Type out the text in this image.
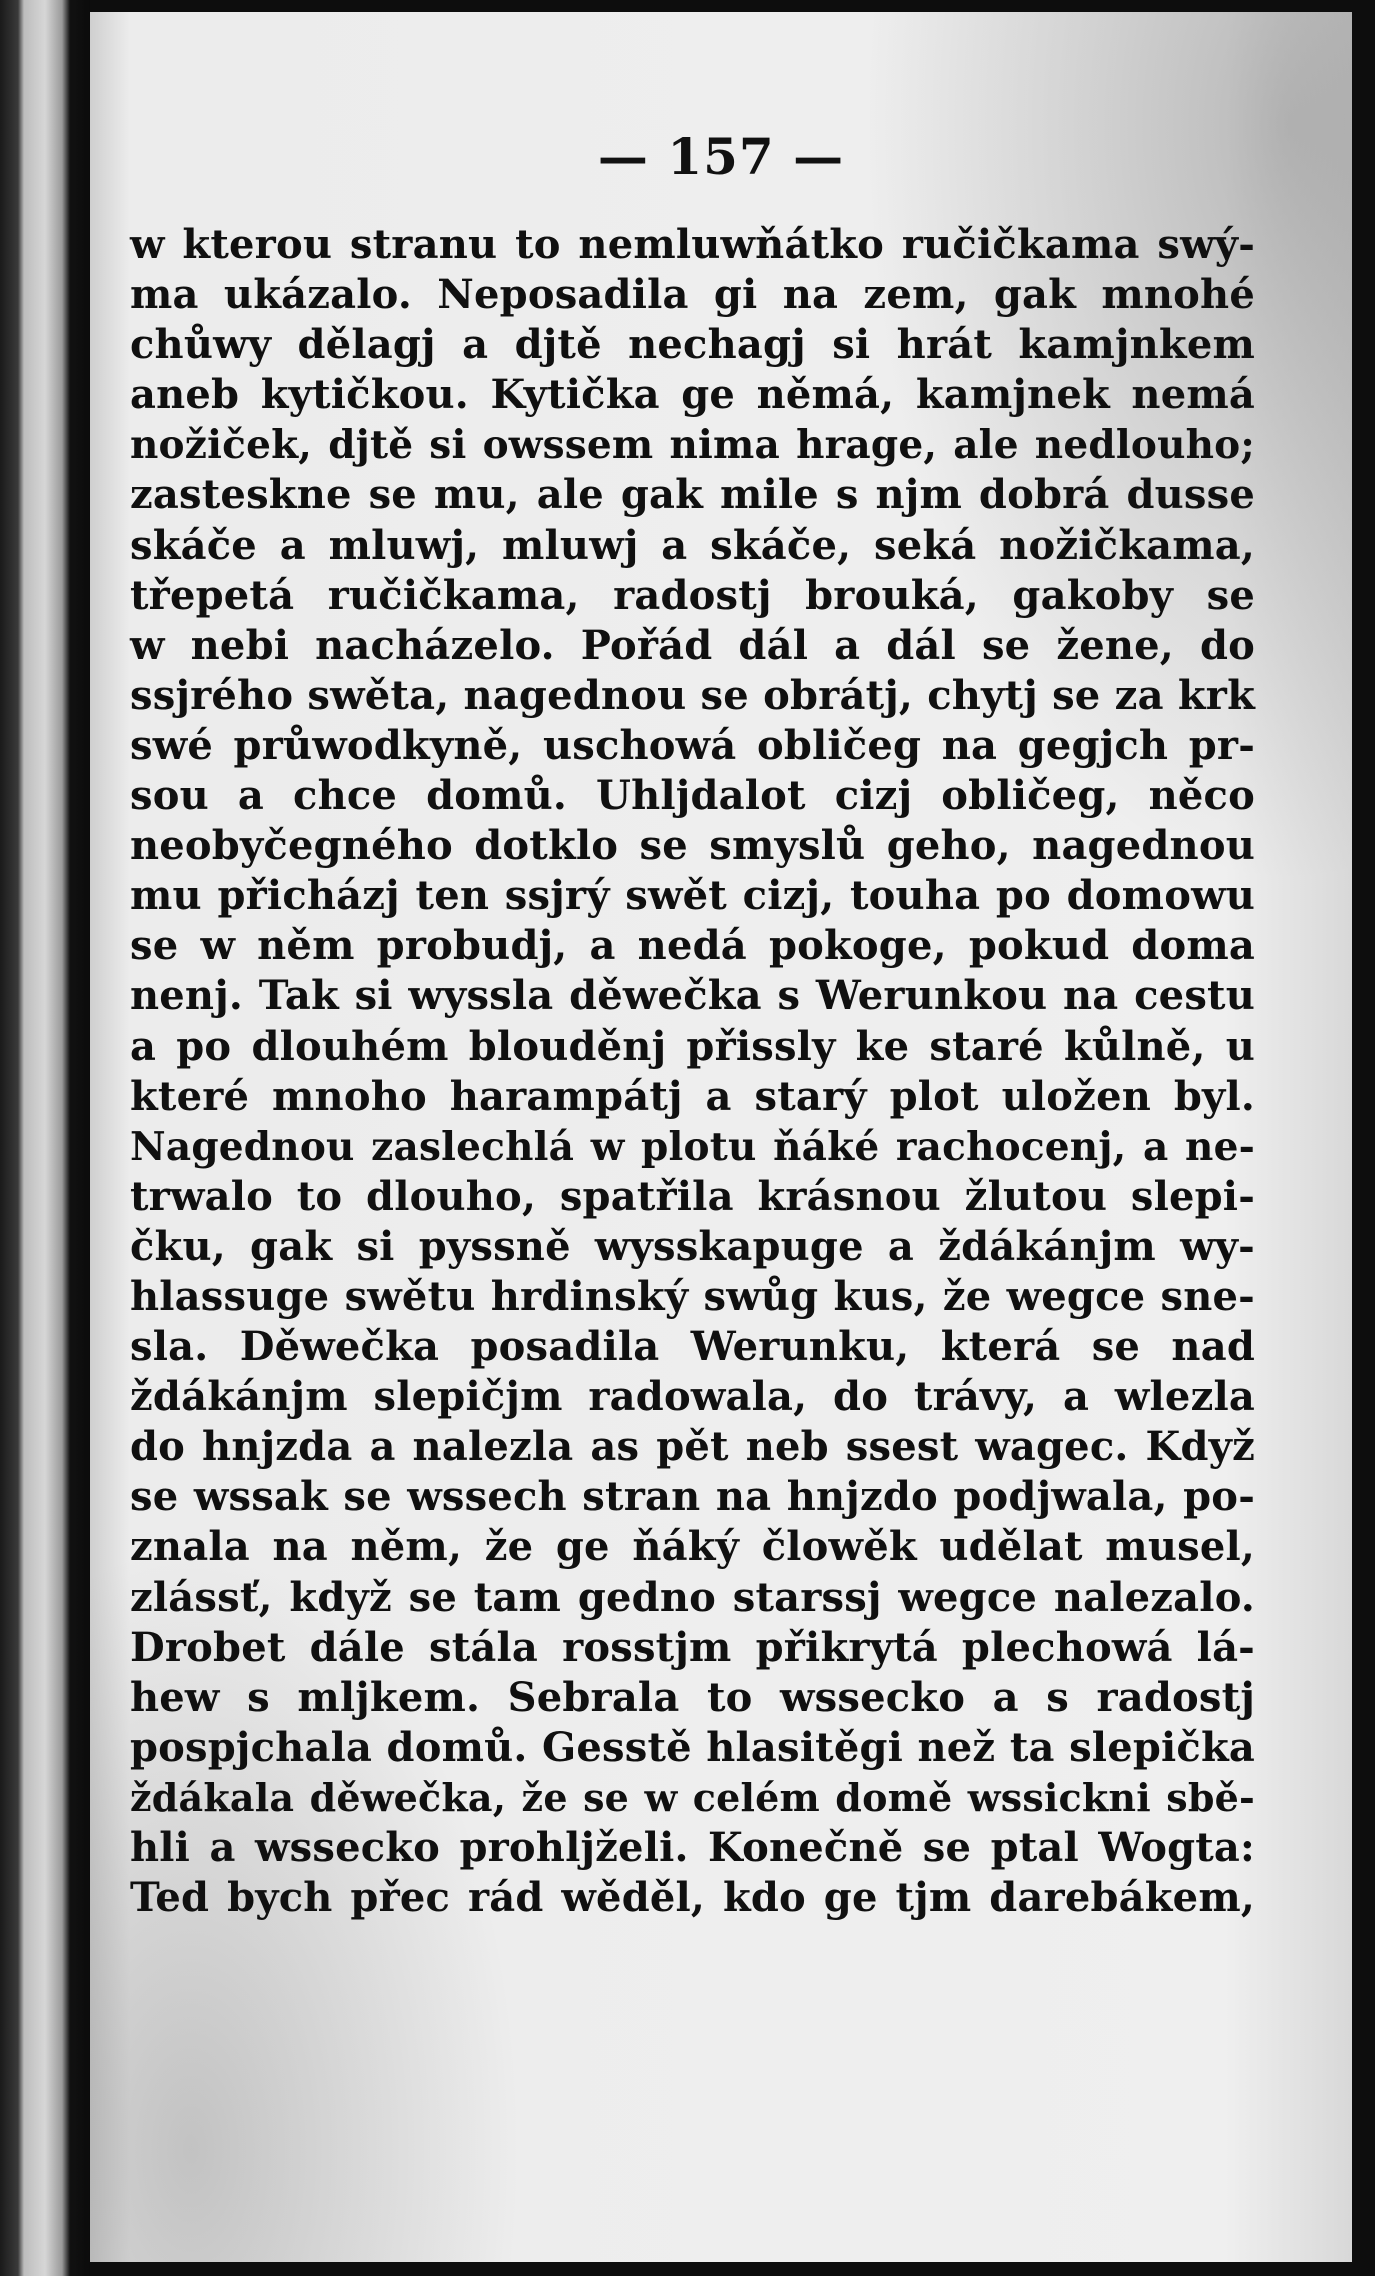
— 157 —
w kterou stranu to nemluwňátko ručičkama swý-
ma ukázalo. Neposadila gi na zem, gak mnohé
chůwy dělagj a djtě nechagj si hrát kamjnkem
aneb kytičkou. Kytička ge němá, kamjnek nemá
nožiček, djtě si owssem nima hrage, ale nedlouho;
zasteskne se mu, ale gak mile s njm dobrá dusse
skáče a mluwj, mluwj a skáče, seká nožičkama,
třepetá ručičkama, radostj brouká, gakoby se
w nebi nacházelo. Pořád dál a dál se žene, do
ssjrého swěta, nagednou se obrátj, chytj se za krk
swé průwodkyně, uschowá obličeg na gegjch pr-
sou a chce domů. Uhljdalot cizj obličeg, něco
neobyčegného dotklo se smyslů geho, nagednou
mu přicházj ten ssjrý swět cizj, touha po domowu
se w něm probudj, a nedá pokoge, pokud doma
nenj. Tak si wyssla děwečka s Werunkou na cestu
a po dlouhém blouděnj přissly ke staré kůlně, u
které mnoho harampátj a starý plot uložen byl.
Nagednou zaslechlá w plotu ňáké rachocenj, a ne-
trwalo to dlouho, spatřila krásnou žlutou slepi-
čku, gak si pyssně wysskapuge a ždákánjm wy-
hlassuge swětu hrdinský swůg kus, že wegce sne-
sla. Děwečka posadila Werunku, která se nad
ždákánjm slepičjm radowala, do trávy, a wlezla
do hnjzda a nalezla as pět neb ssest wagec. Když
se wssak se wssech stran na hnjzdo podjwala, po-
znala na něm, že ge ňáký člowěk udělat musel,
zlássť, když se tam gedno starssj wegce nalezalo.
Drobet dále stála rosstjm přikrytá plechowá lá-
hew s mljkem. Sebrala to wssecko a s radostj
pospjchala domů. Gesstě hlasitěgi než ta slepička
ždákala děwečka, že se w celém domě wssickni sbě-
hli a wssecko prohljželi. Konečně se ptal Wogta:
Ted bych přec rád wěděl, kdo ge tjm darebákem,
